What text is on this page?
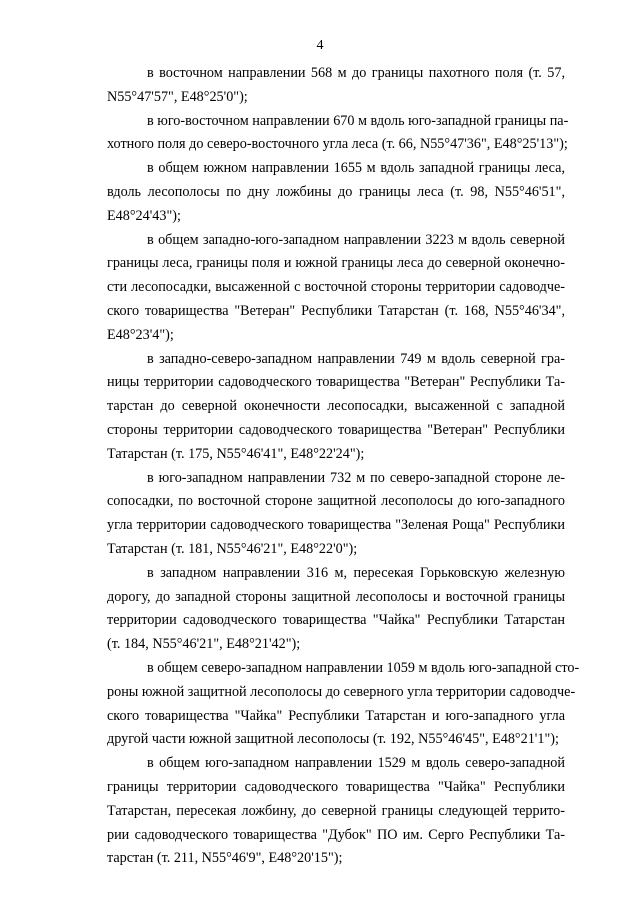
4
в восточном направлении 568 м до границы пахотного поля (т. 57,
N55°47'57", E48°25'0");
в юго-восточном направлении 670 м вдоль юго-западной границы па-
хотного поля до северо-восточного угла леса (т. 66, N55°47'36", E48°25'13");
в общем южном направлении 1655 м вдоль западной границы леса,
вдоль лесополосы по дну ложбины до границы леса (т. 98, N55°46'51",
E48°24'43");
в общем западно-юго-западном направлении 3223 м вдоль северной
границы леса, границы поля и южной границы леса до северной оконечно-
сти лесопосадки, высаженной с восточной стороны территории садоводче-
ского товарищества "Ветеран" Республики Татарстан (т. 168, N55°46'34",
E48°23'4");
в западно-северо-западном направлении 749 м вдоль северной гра-
ницы территории садоводческого товарищества "Ветеран" Республики Та-
тарстан до северной оконечности лесопосадки, высаженной с западной
стороны территории садоводческого товарищества "Ветеран" Республики
Татарстан (т. 175, N55°46'41", E48°22'24");
в юго-западном направлении 732 м по северо-западной стороне ле-
сопосадки, по восточной стороне защитной лесополосы до юго-западного
угла территории садоводческого товарищества "Зеленая Роща" Республики
Татарстан (т. 181, N55°46'21", E48°22'0");
в западном направлении 316 м, пересекая Горьковскую железную
дорогу, до западной стороны защитной лесополосы и восточной границы
территории садоводческого товарищества "Чайка" Республики Татарстан
(т. 184, N55°46'21", E48°21'42");
в общем северо-западном направлении 1059 м вдоль юго-западной сто-
роны южной защитной лесополосы до северного угла территории садоводче-
ского товарищества "Чайка" Республики Татарстан и юго-западного угла
другой части южной защитной лесополосы (т. 192, N55°46'45", E48°21'1");
в общем юго-западном направлении 1529 м вдоль северо-западной
границы территории садоводческого товарищества "Чайка" Республики
Татарстан, пересекая ложбину, до северной границы следующей террито-
рии садоводческого товарищества "Дубок" ПО им. Серго Республики Та-
тарстан (т. 211, N55°46'9", E48°20'15");
